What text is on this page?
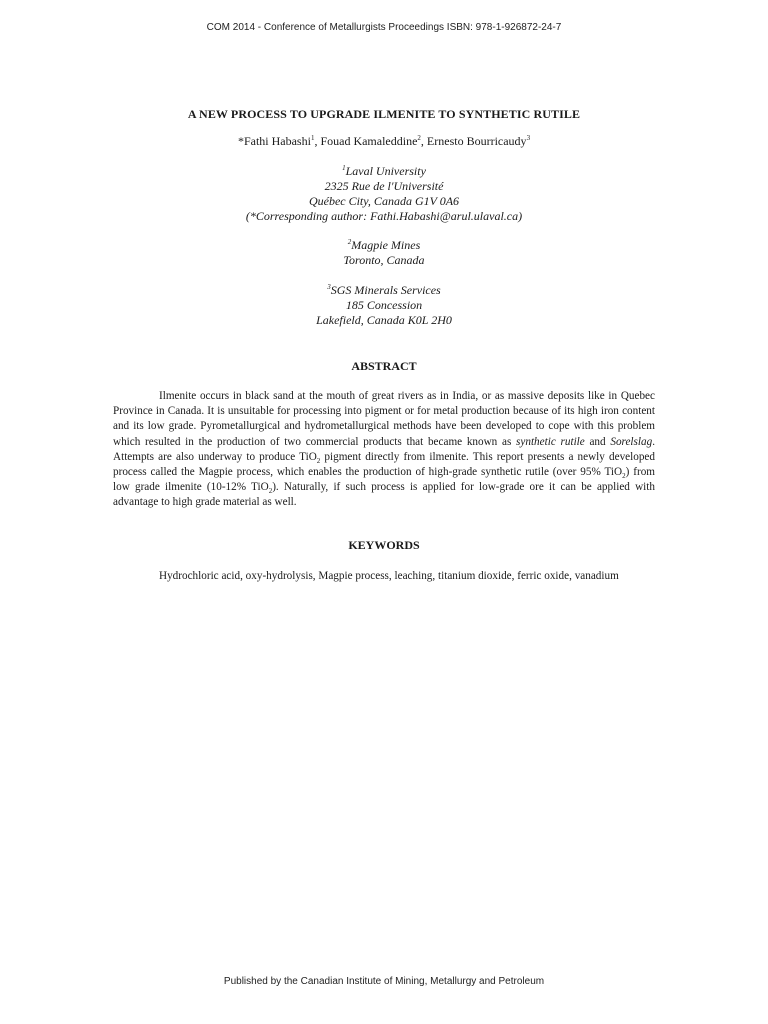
COM 2014 - Conference of Metallurgists Proceedings ISBN: 978-1-926872-24-7
A NEW PROCESS TO UPGRADE ILMENITE TO SYNTHETIC RUTILE
*Fathi Habashi$^1$, Fouad Kamaleddine$^2$, Ernesto Bourricaudy$^3$
$^1$Laval University
2325 Rue de l'Université
Québec City, Canada G1V 0A6
(*Corresponding author: Fathi.Habashi@arul.ulaval.ca)
$^2$Magpie Mines
Toronto, Canada
$^3$SGS Minerals Services
185 Concession
Lakefield, Canada K0L 2H0
ABSTRACT

Ilmenite occurs in black sand at the mouth of great rivers as in India, or as massive deposits like in Quebec Province in Canada. It is unsuitable for processing into pigment or for metal production because of its high iron content and its low grade. Pyrometallurgical and hydrometallurgical methods have been developed to cope with this problem which resulted in the production of two commercial products that became known as synthetic rutile and Sorelslag. Attempts are also underway to produce TiO$_2$ pigment directly from ilmenite. This report presents a newly developed process called the Magpie process, which enables the production of high-grade synthetic rutile (over 95% TiO$_2$) from low grade ilmenite (10-12% TiO$_2$). Naturally, if such process is applied for low-grade ore it can be applied with advantage to high grade material as well.

KEYWORDS

Hydrochloric acid, oxy-hydrolysis, Magpie process, leaching, titanium dioxide, ferric oxide, vanadium

Published by the Canadian Institute of Mining, Metallurgy and Petroleum
